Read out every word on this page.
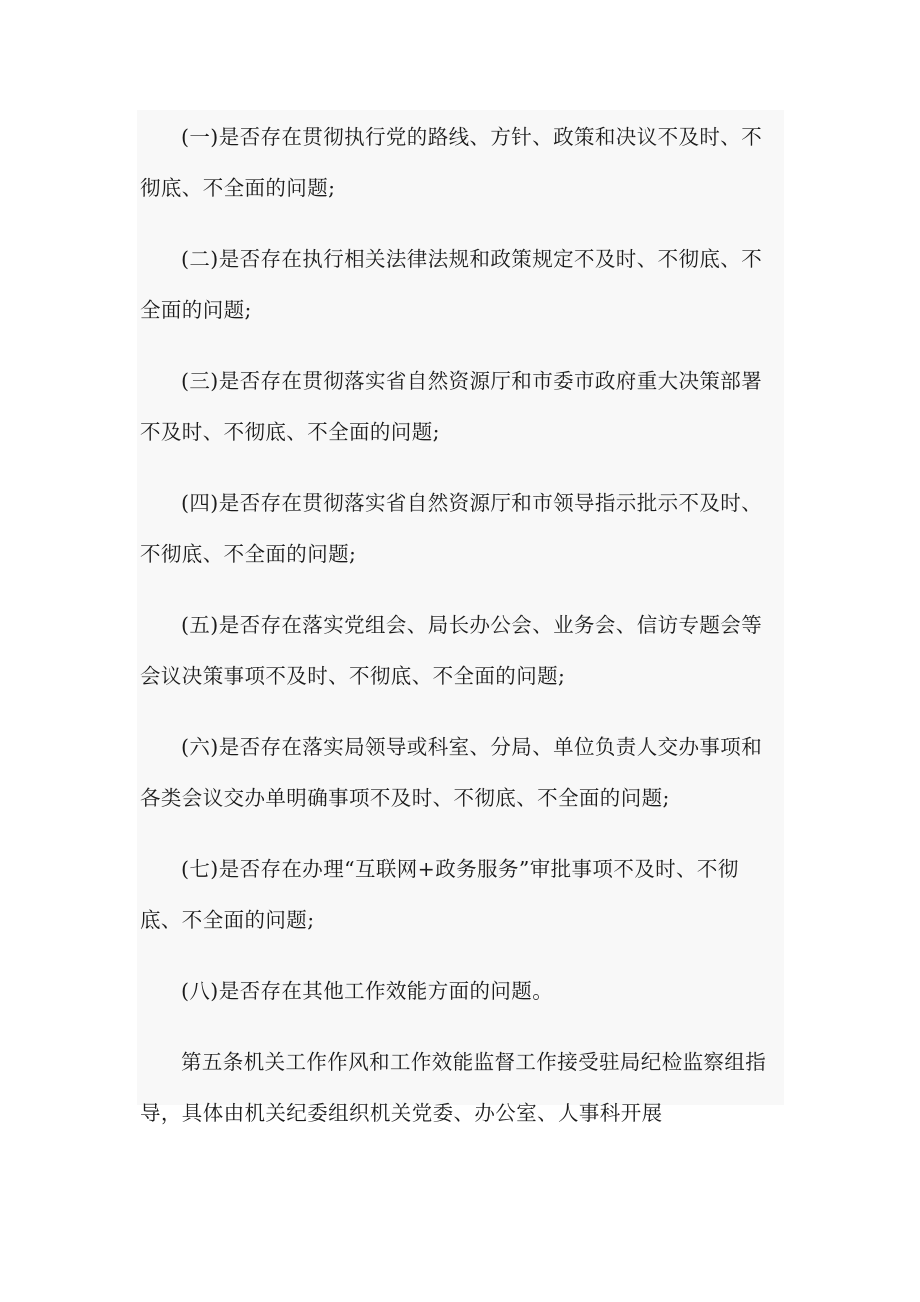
(一)是否存在贯彻执行党的路线、方针、政策和决议不及时、不彻底、不全面的问题;

(二)是否存在执行相关法律法规和政策规定不及时、不彻底、不全面的问题;

(三)是否存在贯彻落实省自然资源厅和市委市政府重大决策部署不及时、不彻底、不全面的问题;

(四)是否存在贯彻落实省自然资源厅和市领导指示批示不及时、不彻底、不全面的问题;

(五)是否存在落实党组会、局长办公会、业务会、信访专题会等会议决策事项不及时、不彻底、不全面的问题;

(六)是否存在落实局领导或科室、分局、单位负责人交办事项和各类会议交办单明确事项不及时、不彻底、不全面的问题;

(七)是否存在办理“互联网+政务服务”审批事项不及时、不彻底、不全面的问题;

(八)是否存在其他工作效能方面的问题。

第五条机关工作作风和工作效能监督工作接受驻局纪检监察组指导，具体由机关纪委组织机关党委、办公室、人事科开展
